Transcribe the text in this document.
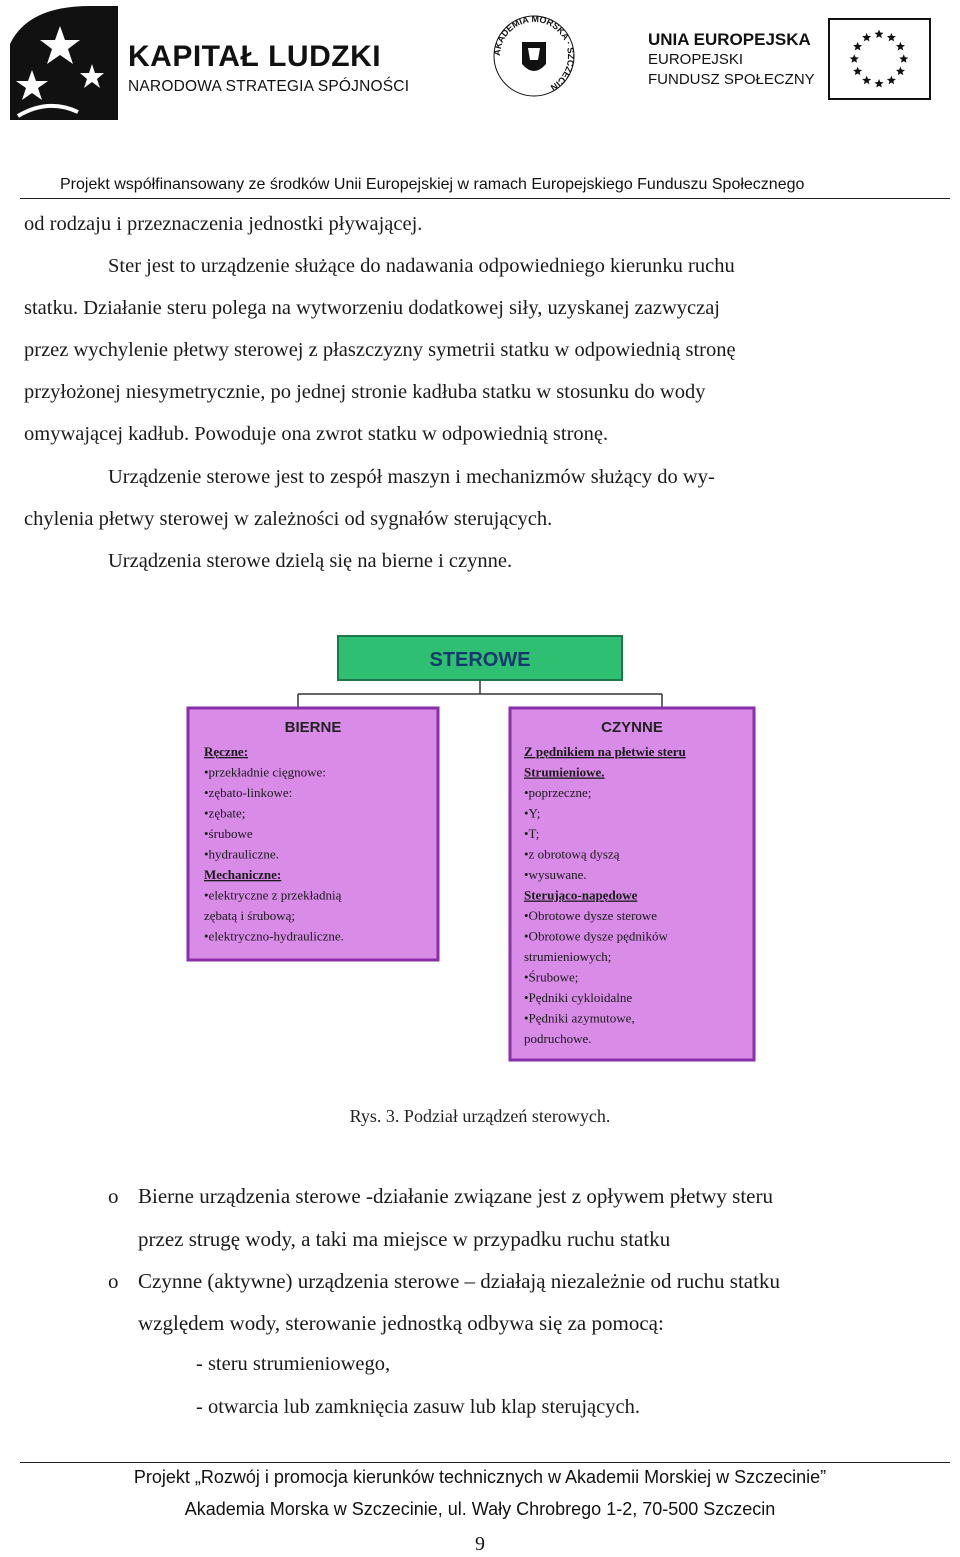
KAPITAŁ LUDZKI
NARODOWA STRATEGIA SPÓJNOŚCI
AKADEMIA MORSKA · SZCZECIN
UNIA EUROPEJSKA
EUROPEJSKI
FUNDUSZ SPOŁECZNY
Projekt współfinansowany ze środków Unii Europejskiej w ramach Europejskiego Funduszu Społecznego
od rodzaju i przeznaczenia jednostki pływającej.
Ster jest to urządzenie służące do nadawania odpowiedniego kierunku ruchu
statku. Działanie steru polega na wytworzeniu dodatkowej siły, uzyskanej zazwyczaj
przez wychylenie płetwy sterowej z płaszczyzny symetrii statku w odpowiednią stronę
przyłożonej niesymetrycznie, po jednej stronie kadłuba statku w stosunku do wody
omywającej kadłub. Powoduje ona zwrot statku w odpowiednią stronę.
Urządzenie sterowe jest to zespół maszyn i mechanizmów służący do wy-
chylenia płetwy sterowej w zależności od sygnałów sterujących.
Urządzenia sterowe dzielą się na bierne i czynne.
STEROWE
BIERNE
Ręczne:
•przekładnie cięgnowe:
•zębato-linkowe:
•zębate;
•śrubowe
•hydrauliczne.
Mechaniczne:
•elektryczne z przekładnią
zębatą i śrubową;
•elektryczno-hydrauliczne.
CZYNNE
Z pędnikiem na płetwie steru
Strumieniowe.
•poprzeczne;
•Y;
•T;
•z obrotową dyszą
•wysuwane.
Sterująco-napędowe
•Obrotowe dysze sterowe
•Obrotowe dysze pędników
strumieniowych;
•Śrubowe;
•Pędniki cykloidalne
•Pędniki azymutowe,
podruchowe.
Rys. 3. Podział urządzeń sterowych.
o Bierne urządzenia sterowe -działanie związane jest z opływem płetwy steru
przez strugę wody, a taki ma miejsce w przypadku ruchu statku
o Czynne (aktywne) urządzenia sterowe – działają niezależnie od ruchu statku
względem wody, sterowanie jednostką odbywa się za pomocą:
- steru strumieniowego,
- otwarcia lub zamknięcia zasuw lub klap sterujących.
Projekt „Rozwój i promocja kierunków technicznych w Akademii Morskiej w Szczecinie”
Akademia Morska w Szczecinie, ul. Wały Chrobrego 1-2, 70-500 Szczecin
9
